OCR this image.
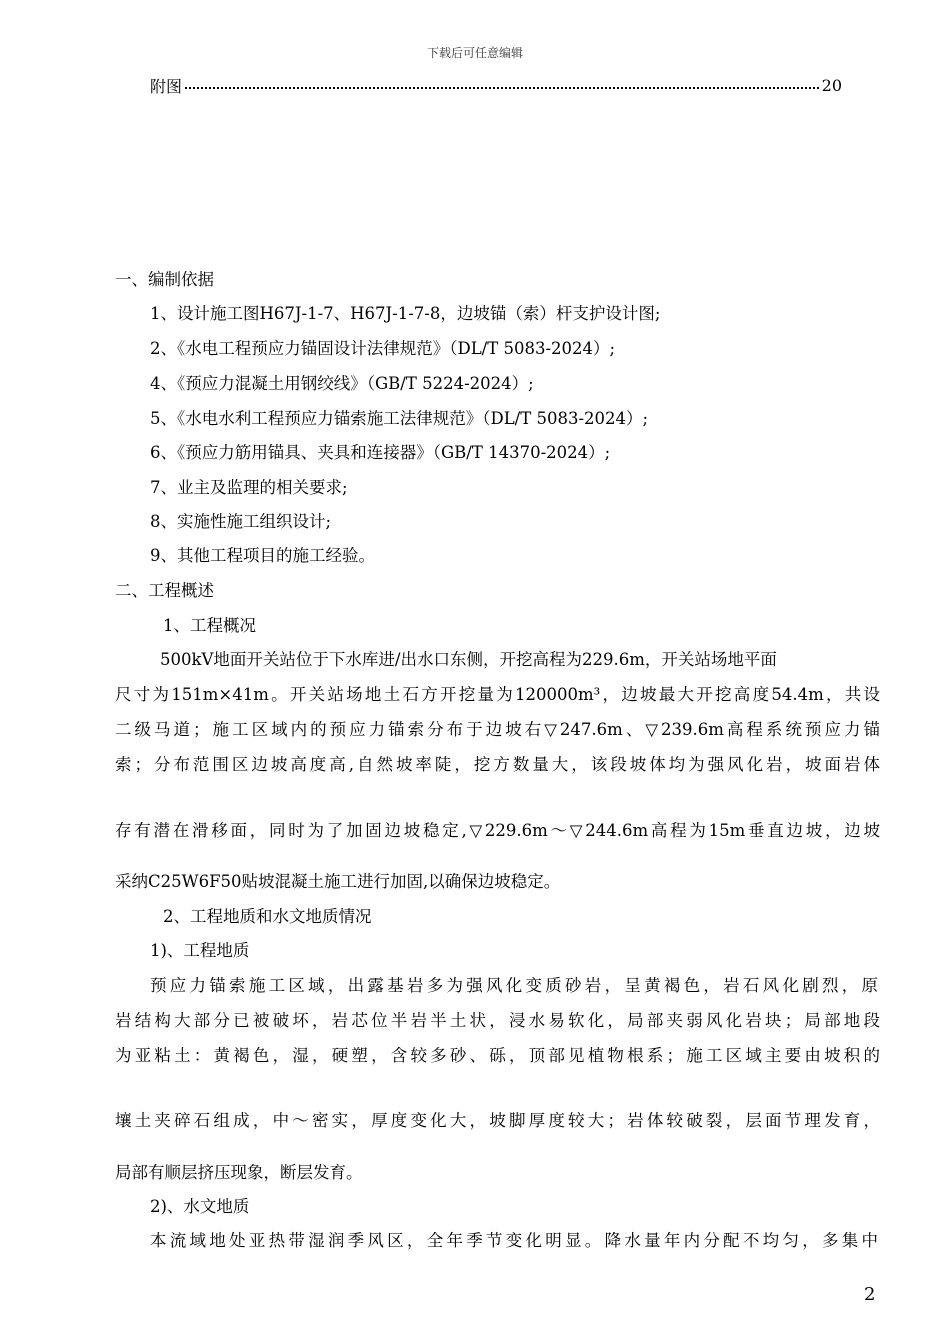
下载后可任意编辑
附图	20
一、编制依据
1、设计施工图H67J-1-7、H67J-1-7-8，边坡锚（索）杆支护设计图;
2、《水电工程预应力锚固设计法律规范》（DL/T 5083-2024）;
4、《预应力混凝土用钢绞线》（GB/T 5224-2024）;
5、《水电水利工程预应力锚索施工法律规范》（DL/T 5083-2024）;
6、《预应力筋用锚具、夹具和连接器》（GB/T 14370-2024）;
7、业主及监理的相关要求;
8、实施性施工组织设计;
9、其他工程项目的施工经验。
二、工程概述
1、工程概况
500kV地面开关站位于下水库进/出水口东侧，开挖高程为229.6m，开关站场地平面
尺寸为151m×41m。开关站场地土石方开挖量为120000m³，边坡最大开挖高度54.4m，共设
二级马道；施工区域内的预应力锚索分布于边坡右▽247.6m、▽239.6m高程系统预应力锚
索；分布范围区边坡高度高,自然坡率陡，挖方数量大，该段坡体均为强风化岩，坡面岩体
存有潜在滑移面，同时为了加固边坡稳定,▽229.6m～▽244.6m高程为15m垂直边坡，边坡
采纳C25W6F50贴坡混凝土施工进行加固,以确保边坡稳定。
2、工程地质和水文地质情况
1)、工程地质
预应力锚索施工区域，出露基岩多为强风化变质砂岩，呈黄褐色，岩石风化剧烈，原
岩结构大部分已被破坏，岩芯位半岩半土状，浸水易软化，局部夹弱风化岩块；局部地段
为亚粘土：黄褐色，湿，硬塑，含较多砂、砾，顶部见植物根系；施工区域主要由坡积的
壤土夹碎石组成，中～密实，厚度变化大，坡脚厚度较大；岩体较破裂，层面节理发育，
局部有顺层挤压现象，断层发育。
2)、水文地质
本流域地处亚热带湿润季风区，全年季节变化明显。降水量年内分配不均匀，多集中
2
